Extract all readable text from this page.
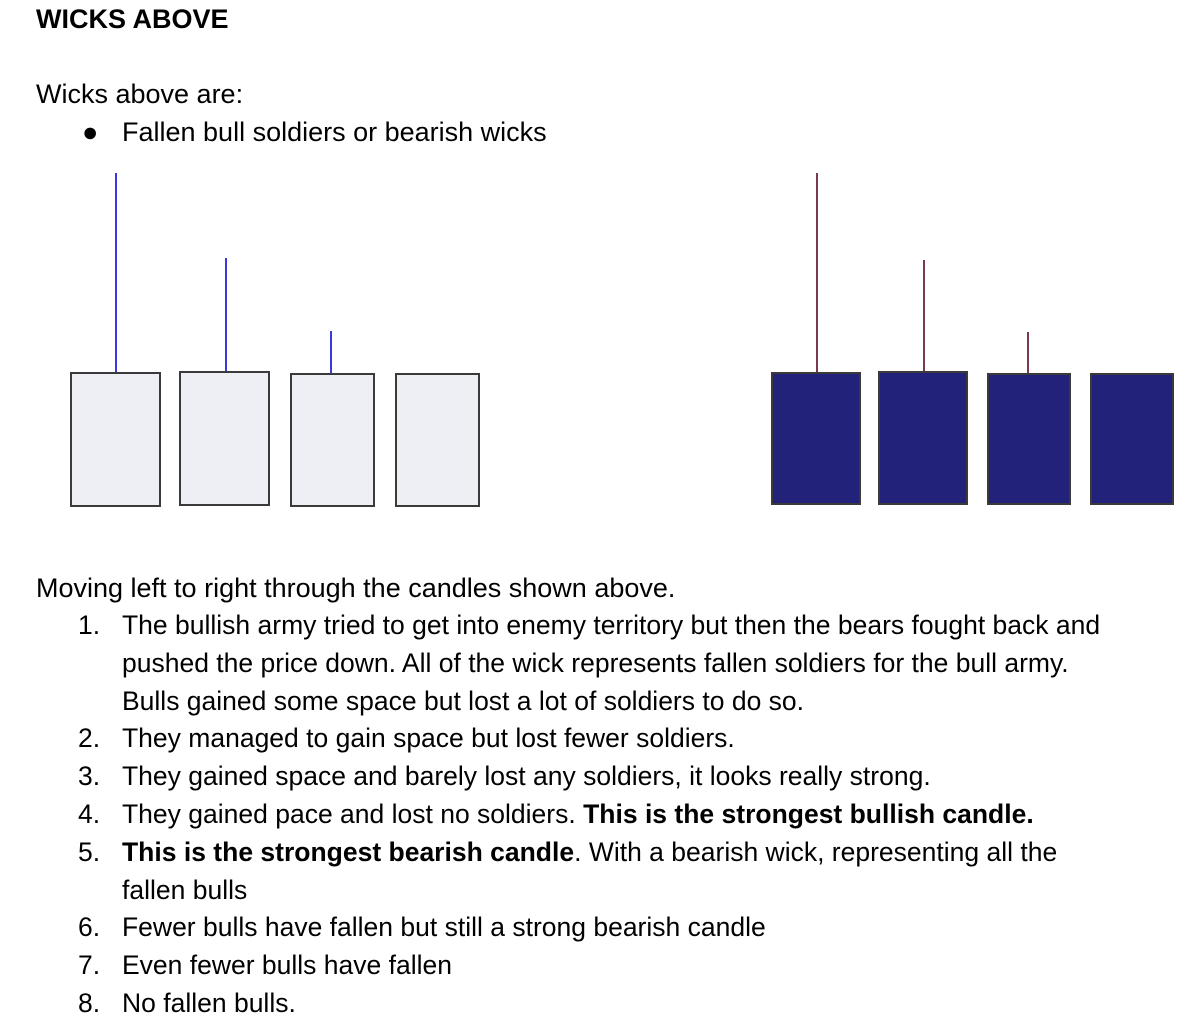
WICKS ABOVE

Wicks above are:

● Fallen bull soldiers or bearish wicks

Moving left to right through the candles shown above.

1. The bullish army tried to get into enemy territory but then the bears fought back and
pushed the price down. All of the wick represents fallen soldiers for the bull army.
Bulls gained some space but lost a lot of soldiers to do so.
2. They managed to gain space but lost fewer soldiers.
3. They gained space and barely lost any soldiers, it looks really strong.
4. They gained pace and lost no soldiers. This is the strongest bullish candle.
5. This is the strongest bearish candle. With a bearish wick, representing all the
fallen bulls
6. Fewer bulls have fallen but still a strong bearish candle
7. Even fewer bulls have fallen
8. No fallen bulls.
